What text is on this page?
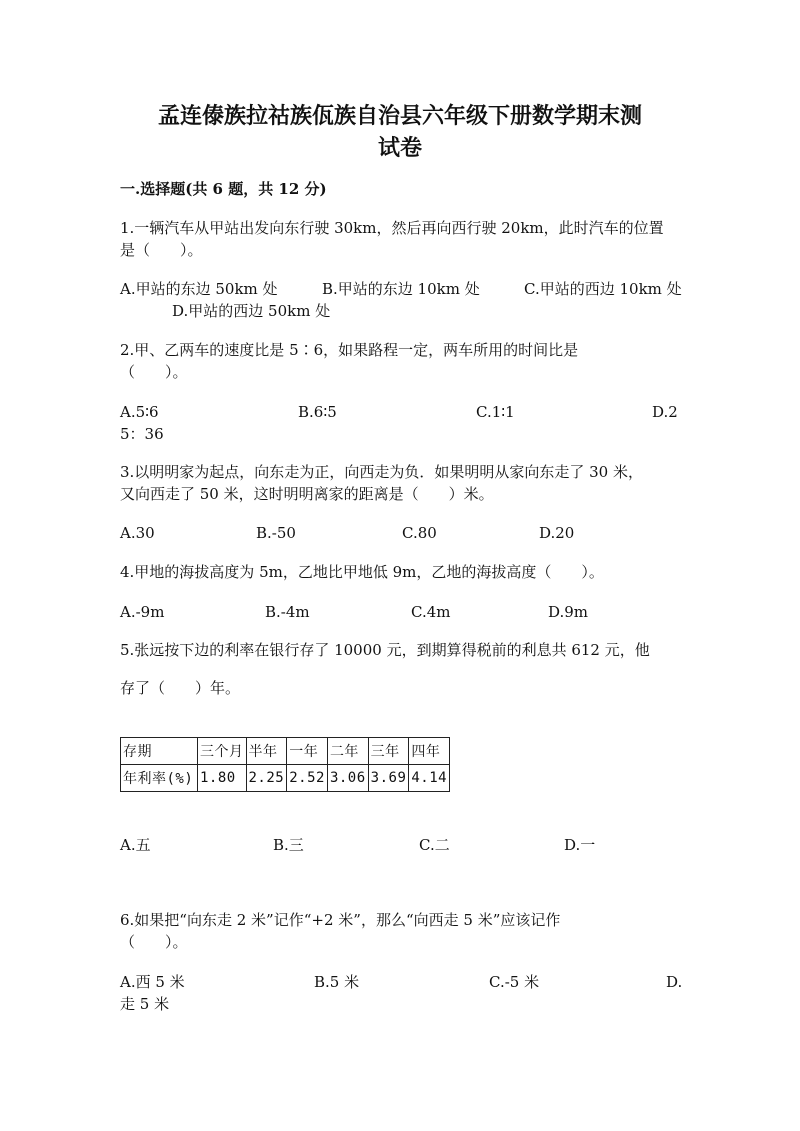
孟连傣族拉祜族佤族自治县六年级下册数学期末测
试卷

一.选择题(共 6 题，共 12 分)

1.一辆汽车从甲站出发向东行驶 30km，然后再向西行驶 20km，此时汽车的位置

是（　　）。

A.甲站的东边 50km 处	B.甲站的东边 10km 处	C.甲站的西边 10km 处
D.甲站的西边 50km 处

2.甲、乙两车的速度比是 5∶6，如果路程一定，两车所用的时间比是

（　　）。

A.5∶6	B.6∶5	C.1∶1	D.2
5：36

3.以明明家为起点，向东走为正，向西走为负．如果明明从家向东走了 30 米，

又向西走了 50 米，这时明明离家的距离是（　　）米。

A.30	B.-50	C.80	D.20

4.甲地的海拔高度为 5m，乙地比甲地低 9m，乙地的海拔高度（　　）。

A.-9m	B.-4m	C.4m	D.9m

5.张远按下边的利率在银行存了 10000 元，到期算得税前的利息共 612 元，他

存了（　　）年。

存期	三个月	半年	一年	二年	三年	四年
年利率(%)	1.80	2.25	2.52	3.06	3.69	4.14
A.五	B.三	C.二	D.一

6.如果把“向东走 2 米”记作“+2 米”，那么“向西走 5 米”应该记作

（　　）。

A.西 5 米	B.5 米	C.-5 米	D.
走 5 米
